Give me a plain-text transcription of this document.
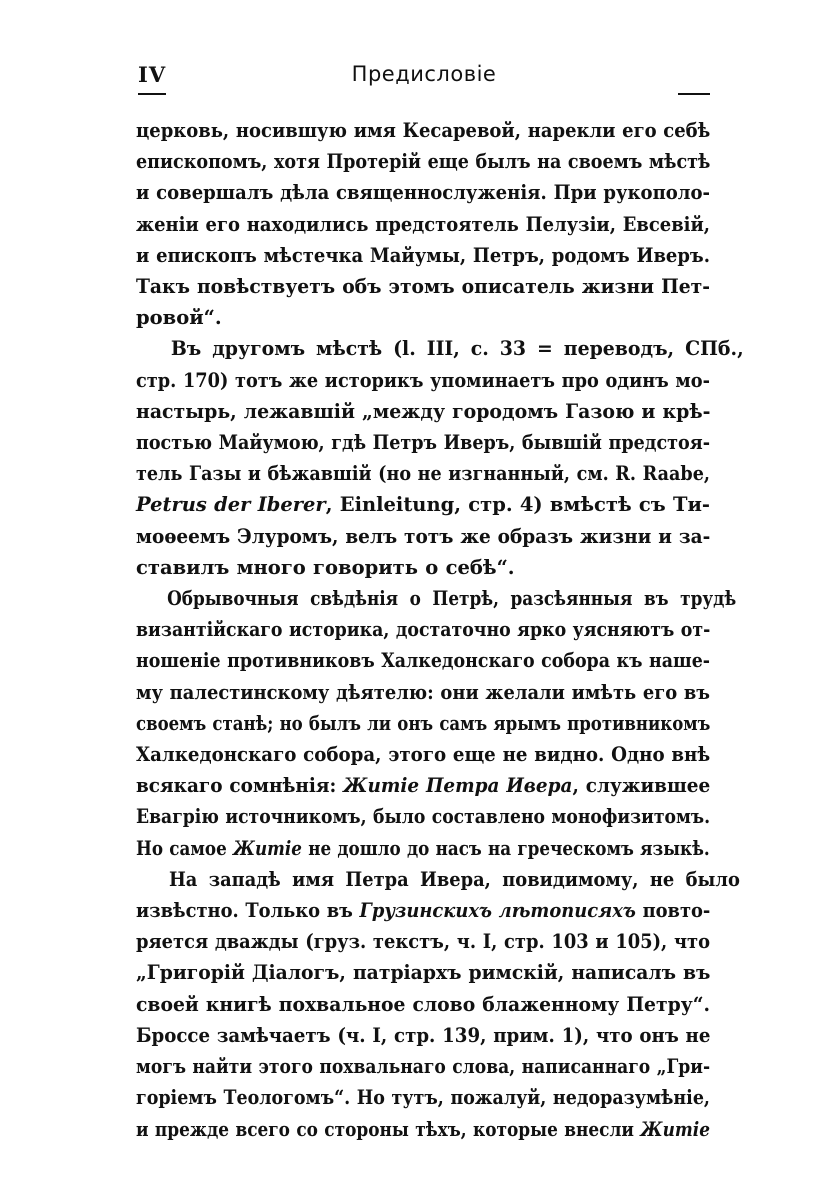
IV	Предисловіе
церковь, носившую имя Кесаревой, нарекли его себѣ
епископомъ, хотя Протерій еще былъ на своемъ мѣстѣ
и совершалъ дѣла священнослуженія. При рукополо-
женіи его находились предстоятель Пелузіи, Евсевій,
и епископъ мѣстечка Майумы, Петръ, родомъ Иверъ.
Такъ повѣствуетъ объ этомъ описатель жизни Пет-
ровой“.
Въ другомъ мѣстѣ (l. III, с. 33 = переводъ, СПб.,
стр. 170) тотъ же историкъ упоминаетъ про одинъ мо-
настырь, лежавшій „между городомъ Газою и крѣ-
постью Майумою, гдѣ Петръ Иверъ, бывшій предстоя-
тель Газы и бѣжавшій (но не изгнанный, см. R. Raabe,
Petrus der Iberer, Einleitung, стр. 4) вмѣстѣ съ Ти-
моѳеемъ Элуромъ, велъ тотъ же образъ жизни и за-
ставилъ много говорить о себѣ“.
Обрывочныя свѣдѣнія о Петрѣ, разсѣянныя въ трудѣ
византійскаго историка, достаточно ярко уясняютъ от-
ношеніе противниковъ Халкедонскаго собора къ наше-
му палестинскому дѣятелю: они желали имѣть его въ
своемъ станѣ; но былъ ли онъ самъ ярымъ противникомъ
Халкедонскаго собора, этого еще не видно. Одно внѣ
всякаго сомнѣнія: Житіе Петра Ивера, служившее
Евагрію источникомъ, было составлено монофизитомъ.
Но самое Житіе не дошло до насъ на греческомъ языкѣ.
На западѣ имя Петра Ивера, повидимому, не было
извѣстно. Только въ Грузинскихъ лѣтописяхъ повто-
ряется дважды (груз. текстъ, ч. I, стр. 103 и 105), что
„Григорій Діалогъ, патріархъ римскій, написалъ въ
своей книгѣ похвальное слово блаженному Петру“.
Броссе замѣчаетъ (ч. I, стр. 139, прим. 1), что онъ не
могъ найти этого похвальнаго слова, написаннаго „Гри-
горіемъ Теологомъ“. Но тутъ, пожалуй, недоразумѣніе,
и прежде всего со стороны тѣхъ, которые внесли Житіе
